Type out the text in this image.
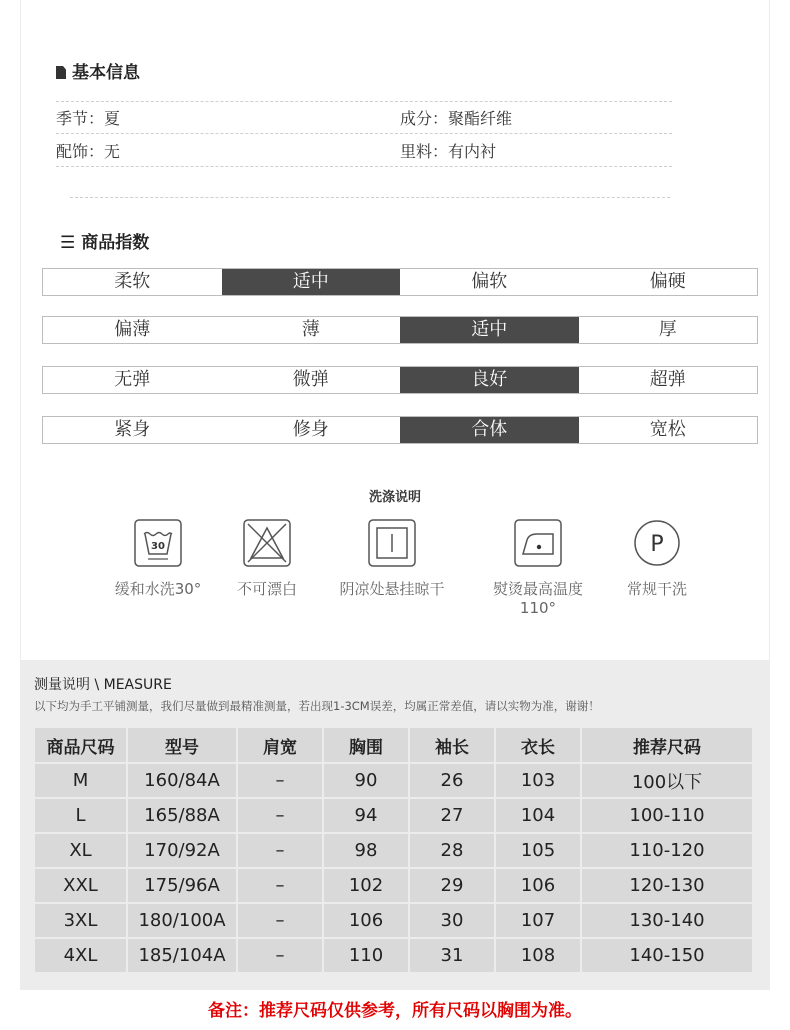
基本信息
季节：夏	成分：聚酯纤维
配饰：无	里料：有内衬
☰ 商品指数
柔软	适中	偏软	偏硬
偏薄	薄	适中	厚
无弹	微弹	良好	超弹
紧身	修身	合体	宽松
洗涤说明
30
缓和水洗30°	不可漂白	阴凉处悬挂晾干	熨烫最高温度110°
P
常规干洗
测量说明 \ MEASURE
以下均为手工平铺测量，我们尽量做到最精准测量，若出现1-3CM误差，均属正常差值，请以实物为准，谢谢！
商品尺码	型号	肩宽	胸围	袖长	衣长	推荐尺码
M	160/84A	–	90	26	103	100以下
L	165/88A	–	94	27	104	100-110
XL	170/92A	–	98	28	105	110-120
XXL	175/96A	–	102	29	106	120-130
3XL	180/100A	–	106	30	107	130-140
4XL	185/104A	–	110	31	108	140-150
备注：推荐尺码仅供参考，所有尺码以胸围为准。
